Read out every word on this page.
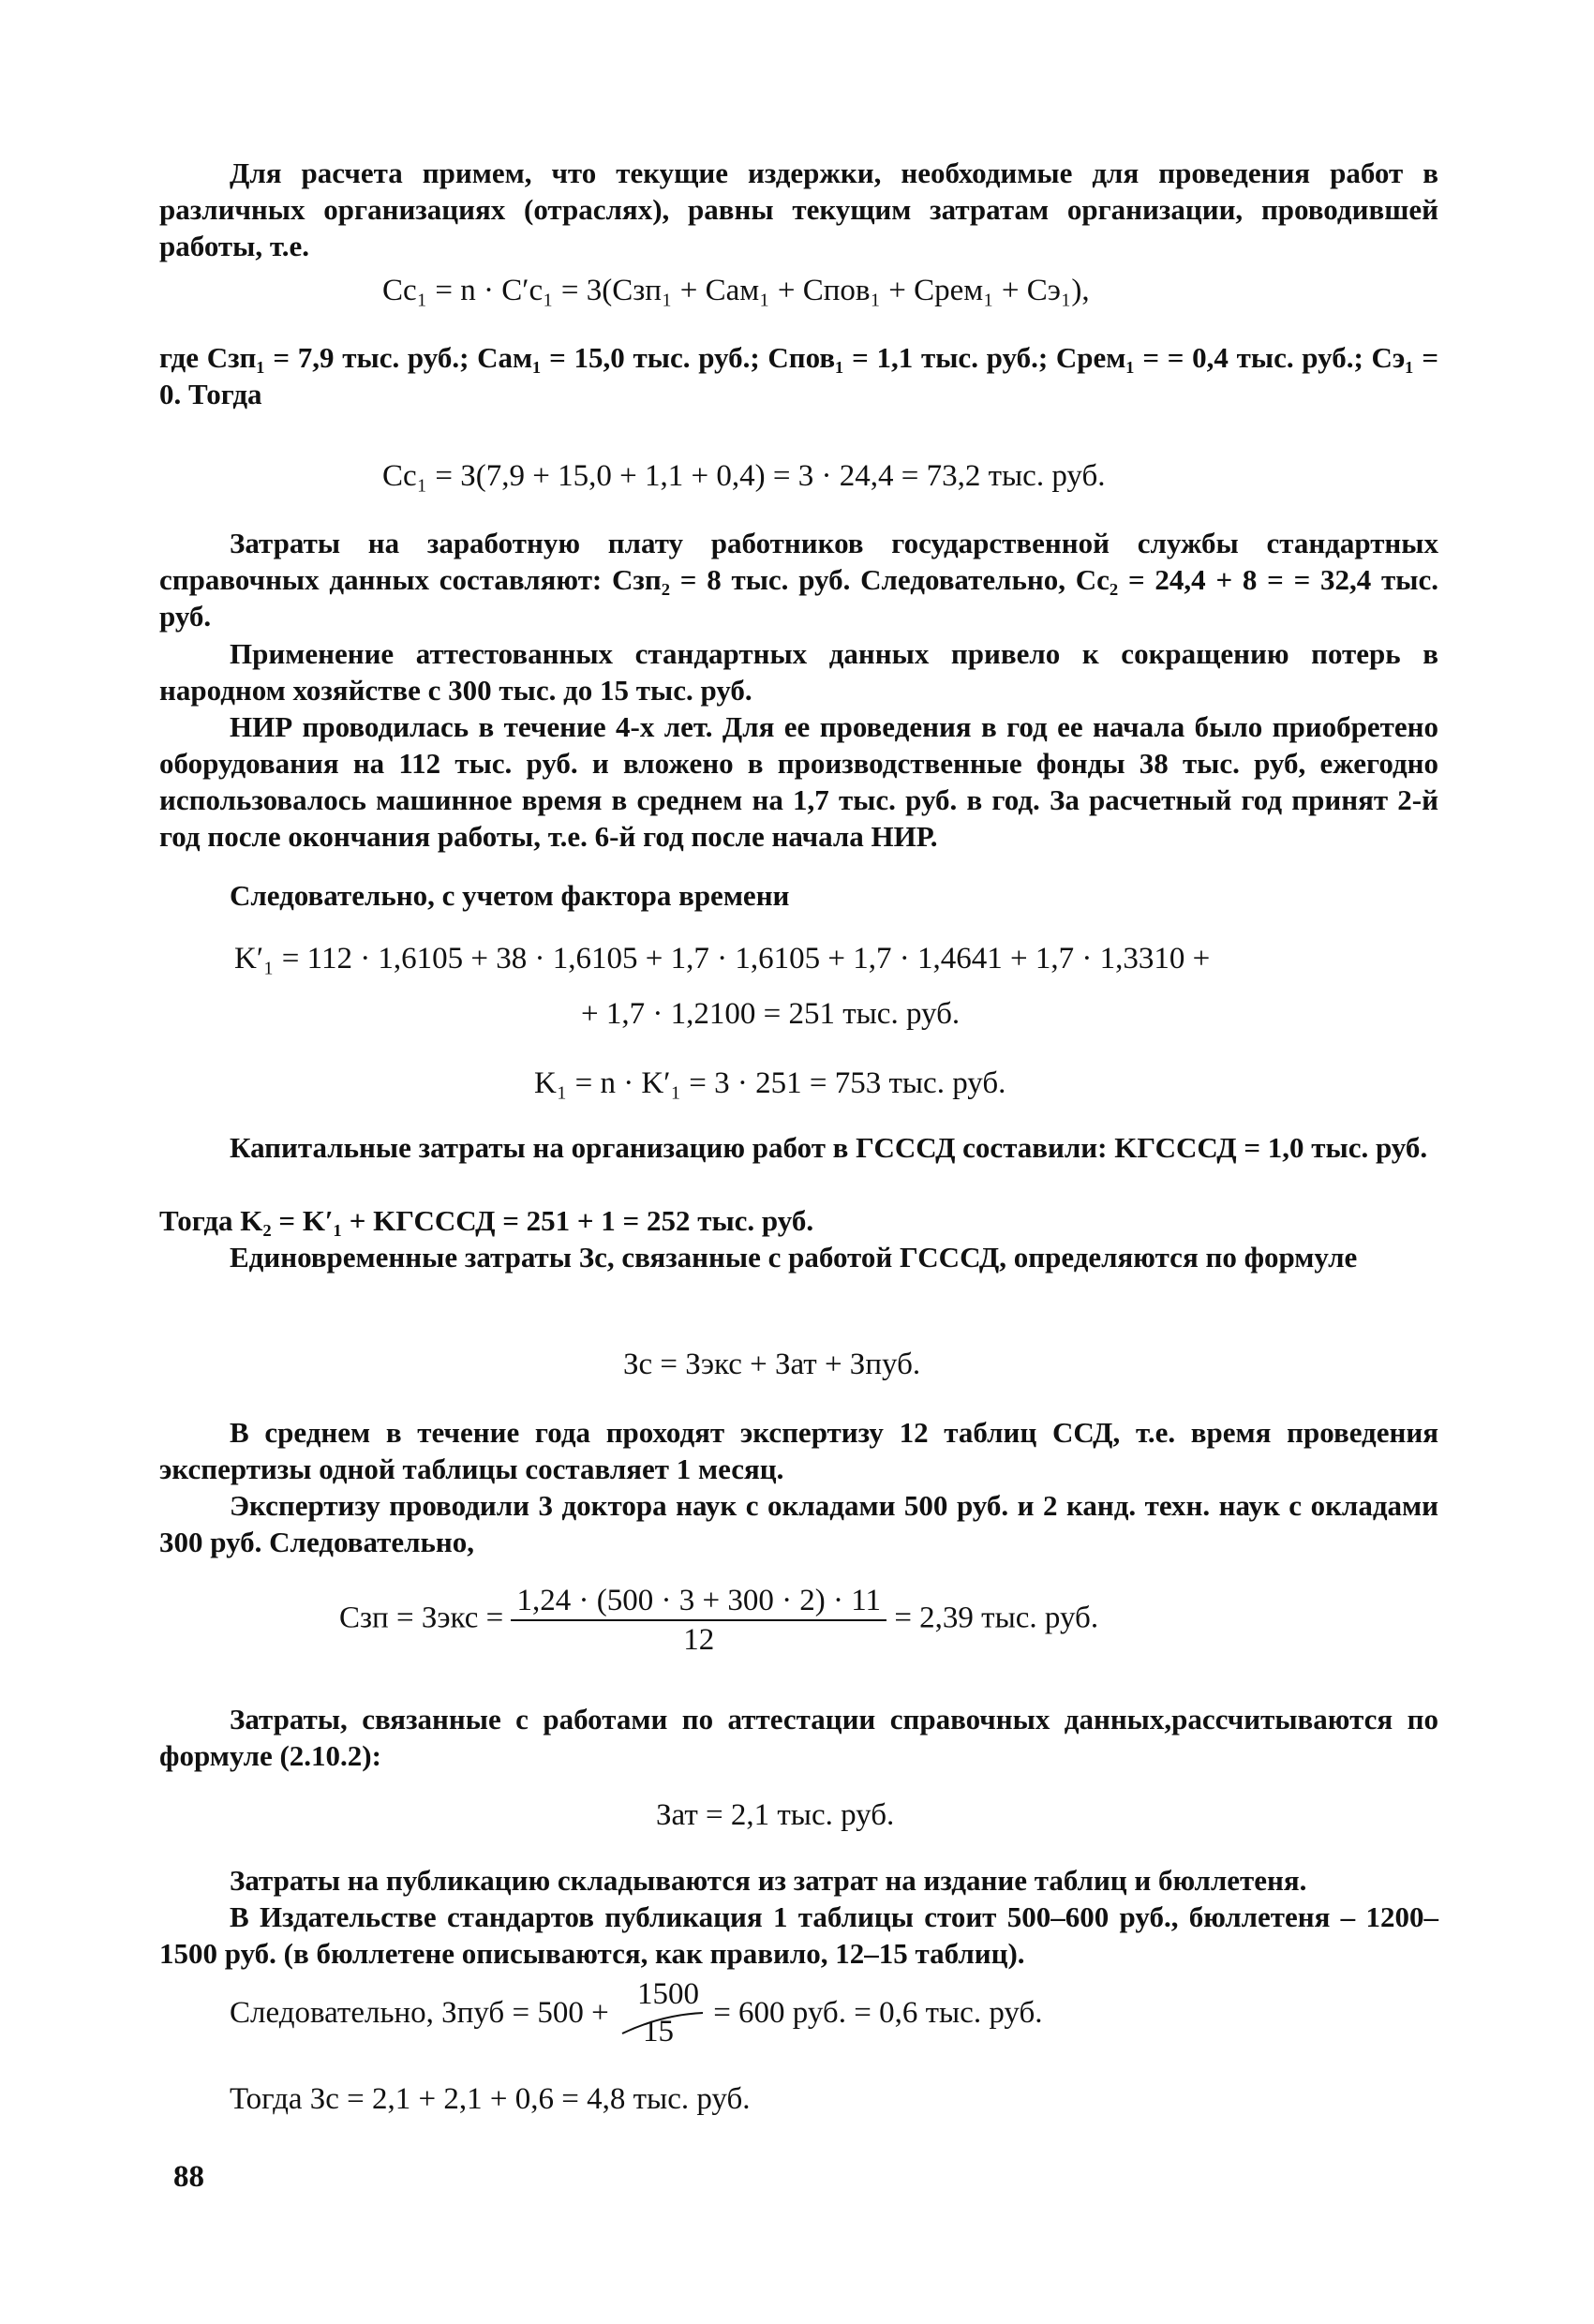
Для расчета примем, что текущие издержки, необходимые для проведения работ в различных организациях (отраслях), равны текущим затратам организации, проводившей работы, т.е.

Cс₁ = n · C′с₁ = 3(Cзп₁ + Cам₁ + Cпов₁ + Cрем₁ + Cэ₁),

где Cзп₁ = 7,9 тыс. руб.; Cам₁ = 15,0 тыс. руб.; Cпов₁ = 1,1 тыс. руб.; Cрем₁ = = 0,4 тыс. руб.; Cэ₁ = 0. Тогда

Cс₁ = З(7,9 + 15,0 + 1,1 + 0,4) = 3 · 24,4 = 73,2 тыс. руб.

Затраты на заработную плату работников государственной службы стандартных справочных данных составляют: Cзп₂ = 8 тыс. руб. Следовательно, Cс₂ = 24,4 + 8 = = 32,4 тыс. руб.

Применение аттестованных стандартных данных привело к сокращению потерь в народном хозяйстве с 300 тыс. до 15 тыс. руб.

НИР проводилась в течение 4-х лет. Для ее проведения в год ее начала было приобретено оборудования на 112 тыс. руб. и вложено в производственные фонды 38 тыс. руб, ежегодно использовалось машинное время в среднем на 1,7 тыс. руб. в год. За расчетный год принят 2-й год после окончания работы, т.е. 6-й год после начала НИР.

Следовательно, с учетом фактора времени

K′₁ = 112 · 1,6105 + 38 · 1,6105 + 1,7 · 1,6105 + 1,7 · 1,4641 + 1,7 · 1,3310 +
+ 1,7 · 1,2100 = 251 тыс. руб.
K₁ = n · K′₁ = 3 · 251 = 753 тыс. руб.

Капитальные затраты на организацию работ в ГСССД составили: KГСССД = 1,0 тыс. руб.

Тогда K₂ = K′₁ + KГСССД = 251 + 1 = 252 тыс. руб.

Единовременные затраты Зс, связанные с работой ГСССД, определяются по формуле

Зс = Зэкс + Зат + Зпуб.

В среднем в течение года проходят экспертизу 12 таблиц ССД, т.е. время проведения экспертизы одной таблицы составляет 1 месяц.

Экспертизу проводили 3 доктора наук с окладами 500 руб. и 2 канд. техн. наук с окладами 300 руб. Следовательно,

Cзп = Зэкс = $\frac{1,24 \cdot (500 \cdot 3 + 300 \cdot 2) \cdot 11}{12} = 2,39$ тыс. руб.

Затраты, связанные с работами по аттестации справочных данных,рассчитываются по формуле (2.10.2):

Зат = 2,1 тыс. руб.

Затраты на публикацию складываются из затрат на издание таблиц и бюллетеня.

В Издательстве стандартов публикация 1 таблицы стоит 500–600 руб., бюллетеня – 1200–1500 руб. (в бюллетене описываются, как правило, 12–15 таблиц).

Следовательно, Зпуб = 500 +
1500
15
= 600 руб. = 0,6 тыс. руб.
Тогда Зс = 2,1 + 2,1 + 0,6 = 4,8 тыс. руб.
88
